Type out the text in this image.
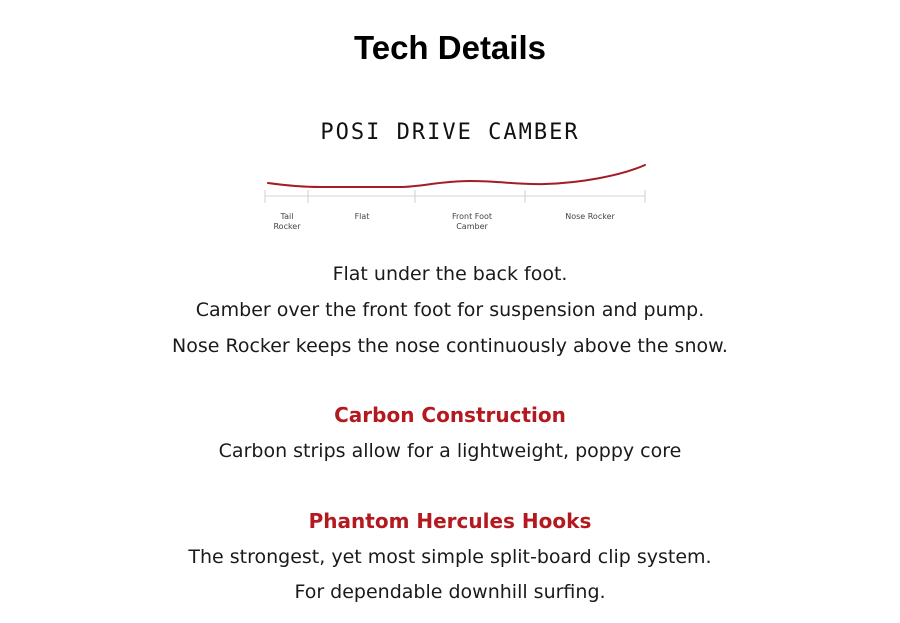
Tech Details
POSI DRIVE CAMBER
Tail
Rocker
Flat	Front Foot
Camber
Nose Rocker
Flat under the back foot.
Camber over the front foot for suspension and pump.
Nose Rocker keeps the nose continuously above the snow.
Carbon Construction
Carbon strips allow for a lightweight, poppy core
Phantom Hercules Hooks
The strongest, yet most simple split-board clip system.
For dependable downhill surfing.
